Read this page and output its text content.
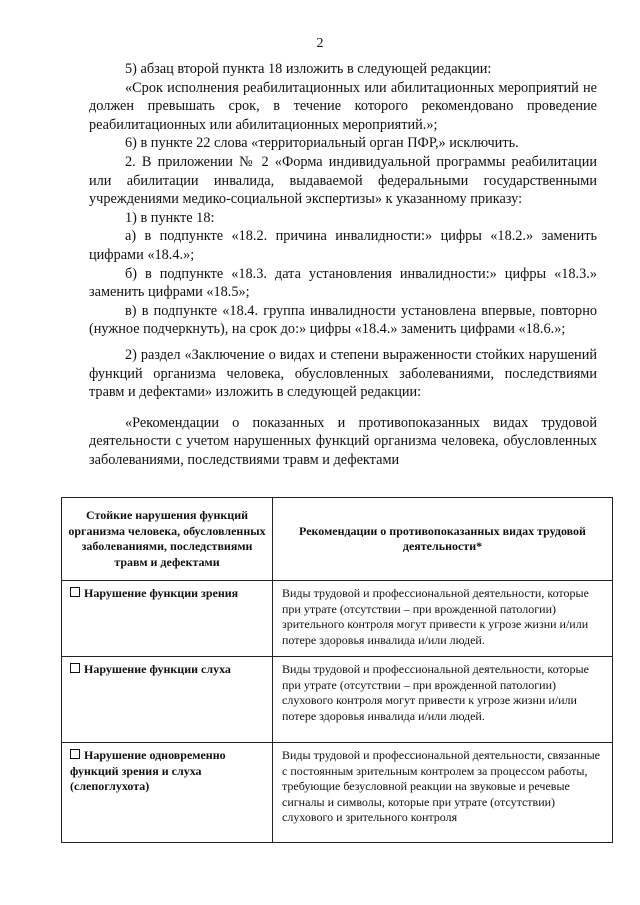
2

5) абзац второй пункта 18 изложить в следующей редакции:

«Срок исполнения реабилитационных или абилитационных мероприятий не должен превышать срок, в течение которого рекомендовано проведение реабилитационных или абилитационных мероприятий.»;

6) в пункте 22 слова «территориальный орган ПФР,» исключить.

2. В приложении № 2 «Форма индивидуальной программы реабилитации или абилитации инвалида, выдаваемой федеральными государственными учреждениями медико-социальной экспертизы» к указанному приказу:

1) в пункте 18:

а) в подпункте «18.2. причина инвалидности:» цифры «18.2.» заменить цифрами «18.4.»;

б) в подпункте «18.3. дата установления инвалидности:» цифры «18.3.» заменить цифрами «18.5»;

в) в подпункте «18.4. группа инвалидности установлена впервые, повторно (нужное подчеркнуть), на срок до:» цифры «18.4.» заменить цифрами «18.6.»;

2) раздел «Заключение о видах и степени выраженности стойких нарушений функций организма человека, обусловленных заболеваниями, последствиями травм и дефектами» изложить в следующей редакции:

«Рекомендации о показанных и противопоказанных видах трудовой деятельности с учетом нарушенных функций организма человека, обусловленных заболеваниями, последствиями травм и дефектами

Стойкие нарушения функций организма человека, обусловленных заболеваниями, последствиями травм и дефектами	Рекомендации о противопоказанных видах трудовой деятельности*
Нарушение функции зрения	Виды трудовой и профессиональной деятельности, которые при утрате (отсутствии – при врожденной патологии) зрительного контроля могут привести к угрозе жизни и/или потере здоровья инвалида и/или людей.
Нарушение функции слуха	Виды трудовой и профессиональной деятельности, которые при утрате (отсутствии – при врожденной патологии) слухового контроля могут привести к угрозе жизни и/или потере здоровья инвалида и/или людей.
Нарушение одновременно функций зрения и слуха (слепоглухота)	Виды трудовой и профессиональной деятельности, связанные с постоянным зрительным контролем за процессом работы, требующие безусловной реакции на звуковые и речевые сигналы и символы, которые при утрате (отсутствии) слухового и зрительного контроля
